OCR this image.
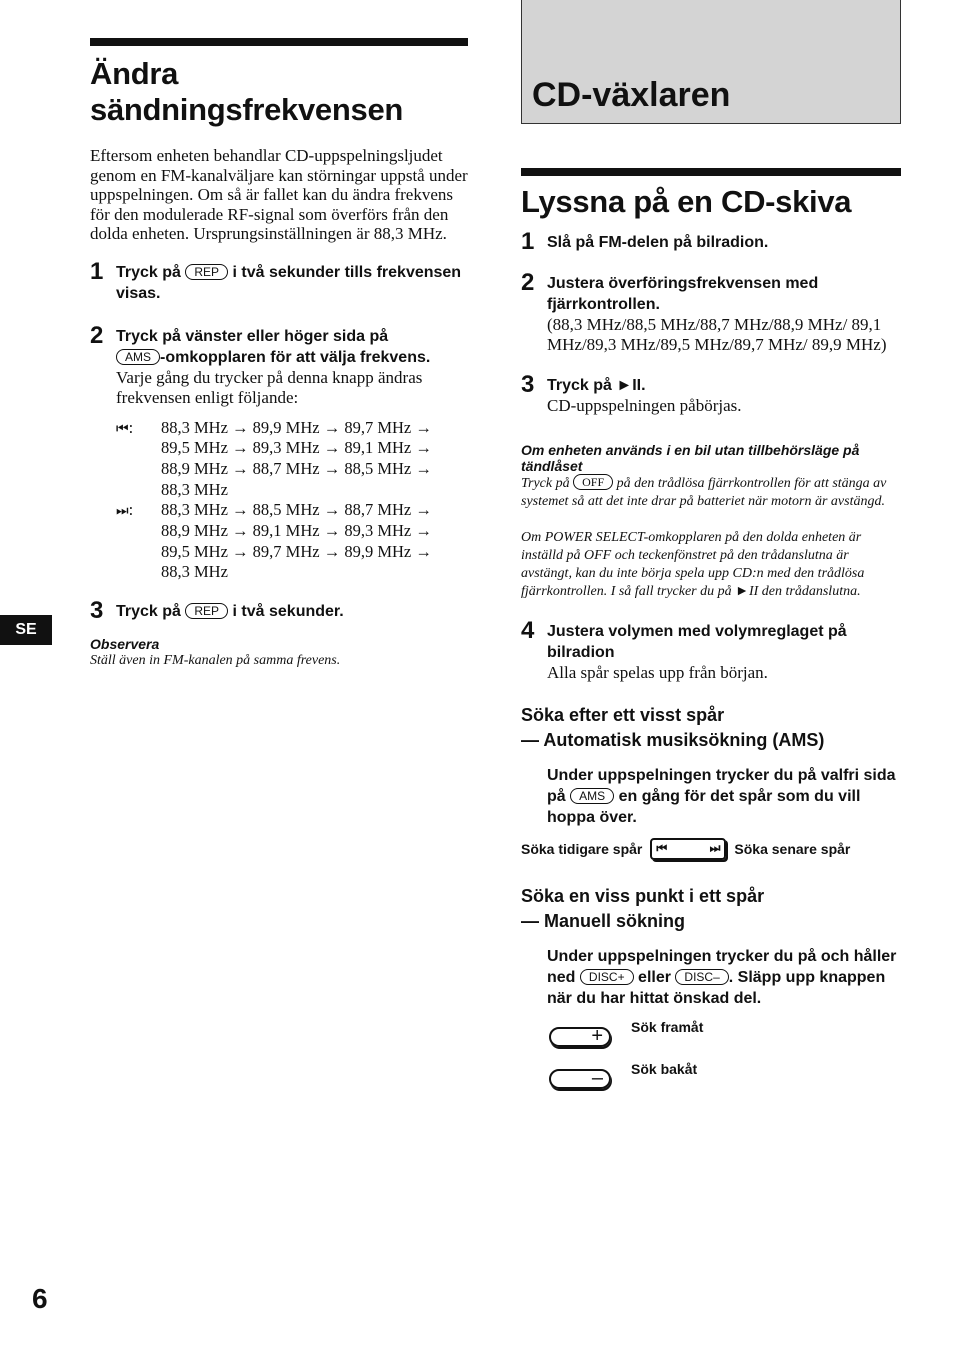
Ändra sändningsfrekvensen
Eftersom enheten behandlar CD-uppspelningsljudet genom en FM-kanalväljare kan störningar uppstå under uppspelningen. Om så är fallet kan du ändra frekvens för den modulerade RF-signal som överförs från den dolda enheten. Ursprungsinställningen är 88,3 MHz.
1 Tryck på REP i två sekunder tills frekvensen visas.
2 Tryck på vänster eller höger sida på
AMS -omkopplaren för att välja frekvens.
Varje gång du trycker på denna knapp ändras frekvensen enligt följande:
⏮: 88,3 MHz → 89,9 MHz → 89,7 MHz →
89,5 MHz → 89,3 MHz → 89,1 MHz →
88,9 MHz → 88,7 MHz → 88,5 MHz →
88,3 MHz
⏭: 88,3 MHz → 88,5 MHz → 88,7 MHz →
88,9 MHz → 89,1 MHz → 89,3 MHz →
89,5 MHz → 89,7 MHz → 89,9 MHz →
88,3 MHz
3 Tryck på REP i två sekunder.
Observera
Ställ även in FM-kanalen på samma frevens.
CD-växlaren
Lyssna på en CD-skiva
1 Slå på FM-delen på bilradion.
2 Justera överföringsfrekvensen med fjärrkontrollen.
(88,3 MHz/88,5 MHz/88,7 MHz/88,9 MHz/ 89,1 MHz/89,3 MHz/89,5 MHz/89,7 MHz/ 89,9 MHz)
3 Tryck på ►II.
CD-uppspelningen påbörjas.
Om enheten används i en bil utan tillbehörsläge på tändlåset
Tryck på OFF på den trådlösa fjärrkontrollen för att stänga av systemet så att det inte drar på batteriet när motorn är avstängd.
Om POWER SELECT-omkopplaren på den dolda enheten är inställd på OFF och teckenfönstret på den trådanslutna är avstängt, kan du inte börja spela upp CD:n med den trådlösa fjärrkontrollen. I så fall trycker du på ►II den trådanslutna.
4 Justera volymen med volymreglaget på bilradion
Alla spår spelas upp från början.
Söka efter ett visst spår
— Automatisk musiksökning (AMS)
Under uppspelningen trycker du på valfri sida på AMS en gång för det spår som du vill hoppa över.
Söka tidigare spår ⏮	⏭ Söka senare spår
Söka en viss punkt i ett spår
— Manuell sökning
Under uppspelningen trycker du på och håller ned DISC+ eller DISC– . Släpp upp knappen när du har hittat önskad del.
+ Sök framåt
– Sök bakåt
SE
6
